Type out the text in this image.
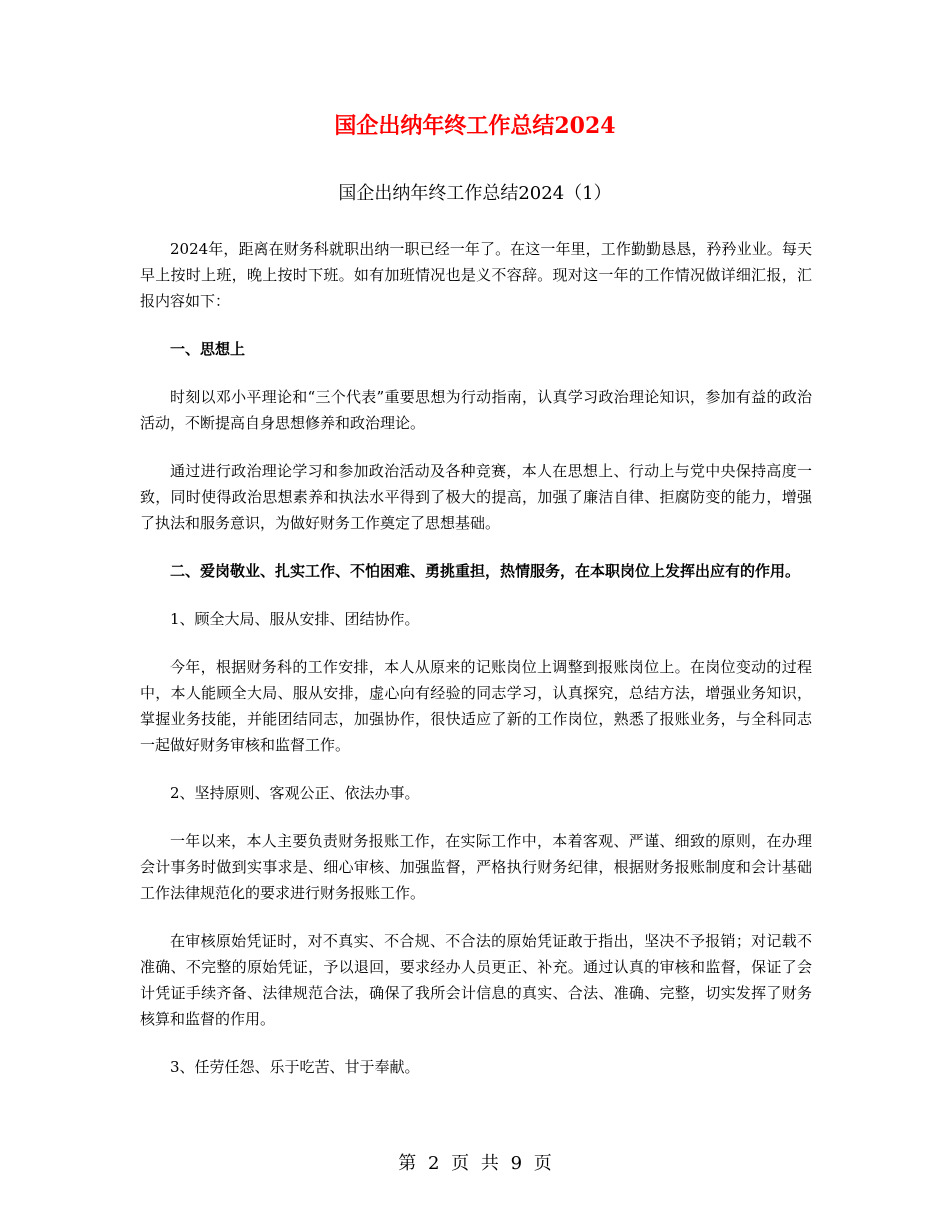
国企出纳年终工作总结2024
国企出纳年终工作总结2024（1）

2024年，距离在财务科就职出纳一职已经一年了。在这一年里，工作勤勤恳恳，矜矜业业。每天早上按时上班，晚上按时下班。如有加班情况也是义不容辞。现对这一年的工作情况做详细汇报，汇报内容如下：

一、思想上

时刻以邓小平理论和“三个代表”重要思想为行动指南，认真学习政治理论知识，参加有益的政治活动，不断提高自身思想修养和政治理论。

通过进行政治理论学习和参加政治活动及各种竞赛，本人在思想上、行动上与党中央保持高度一致，同时使得政治思想素养和执法水平得到了极大的提高，加强了廉洁自律、拒腐防变的能力，增强了执法和服务意识，为做好财务工作奠定了思想基础。

二、爱岗敬业、扎实工作、不怕困难、勇挑重担，热情服务，在本职岗位上发挥出应有的作用。

1、顾全大局、服从安排、团结协作。

今年，根据财务科的工作安排，本人从原来的记账岗位上调整到报账岗位上。在岗位变动的过程中，本人能顾全大局、服从安排，虚心向有经验的同志学习，认真探究，总结方法，增强业务知识，掌握业务技能，并能团结同志，加强协作，很快适应了新的工作岗位，熟悉了报账业务，与全科同志一起做好财务审核和监督工作。

2、坚持原则、客观公正、依法办事。

一年以来，本人主要负责财务报账工作，在实际工作中，本着客观、严谨、细致的原则，在办理会计事务时做到实事求是、细心审核、加强监督，严格执行财务纪律，根据财务报账制度和会计基础工作法律规范化的要求进行财务报账工作。

在审核原始凭证时，对不真实、不合规、不合法的原始凭证敢于指出，坚决不予报销；对记载不准确、不完整的原始凭证，予以退回，要求经办人员更正、补充。通过认真的审核和监督，保证了会计凭证手续齐备、法律规范合法，确保了我所会计信息的真实、合法、准确、完整，切实发挥了财务核算和监督的作用。

3、任劳任怨、乐于吃苦、甘于奉献。

第 2 页 共 9 页
